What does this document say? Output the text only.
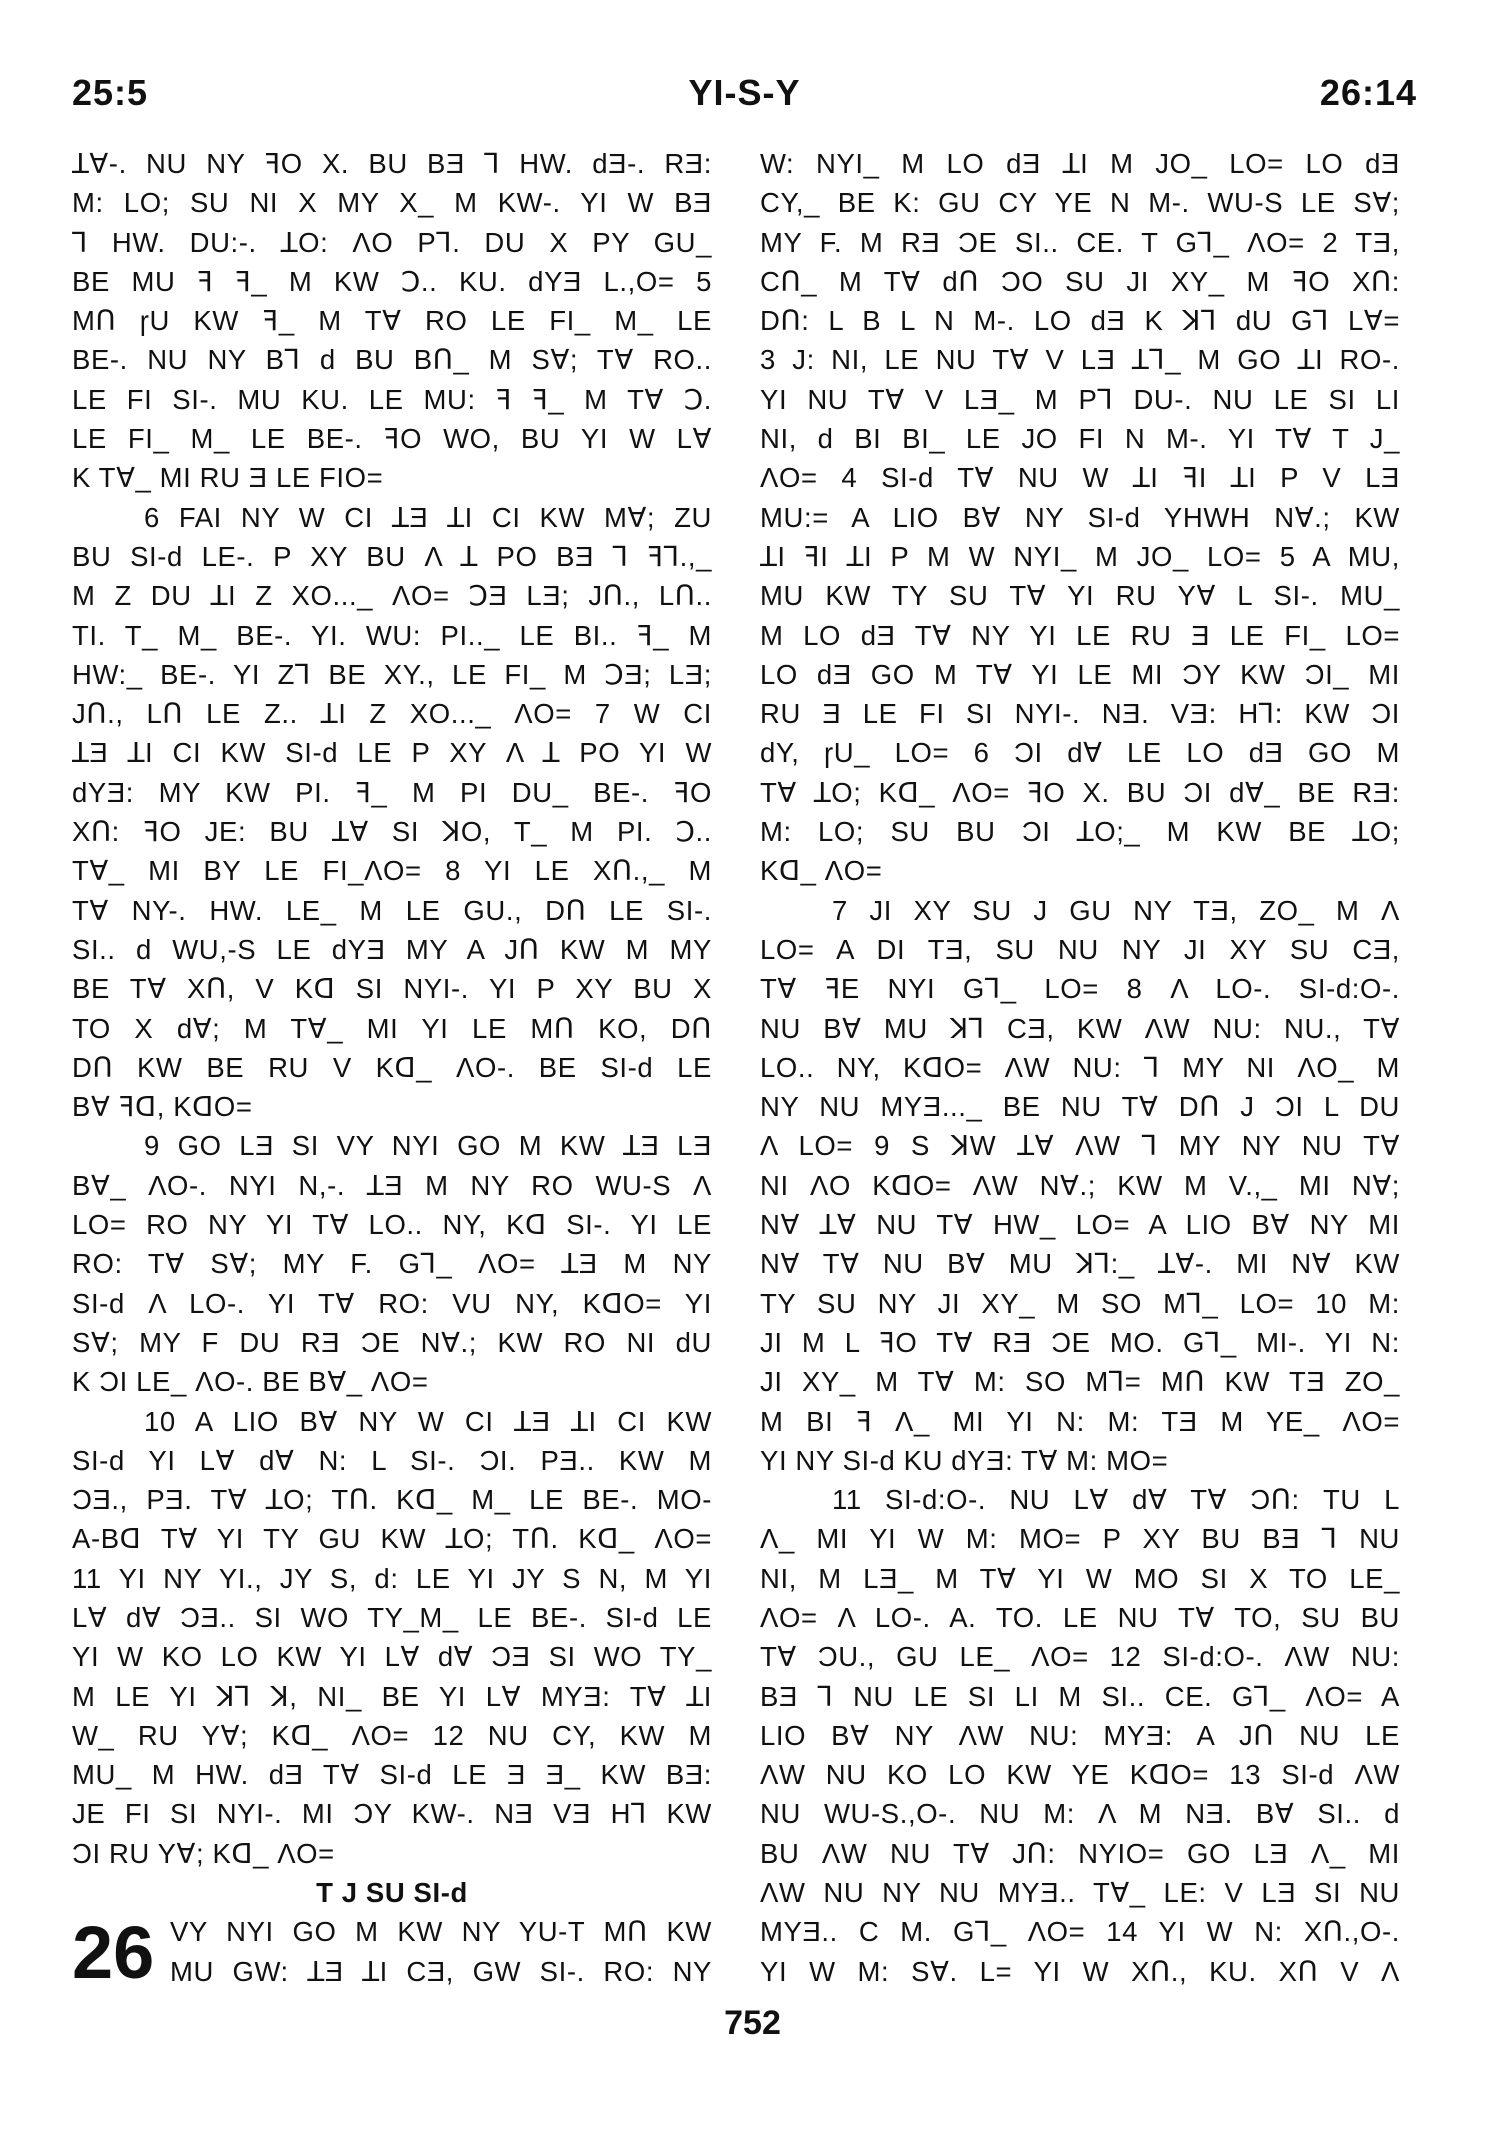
25:5	YI-S-Y	26:14
ꓕ∀-. NU NY ꟻO X. BU BƎ ꓶ HW. dƎ-. RƎ:
M: LO; SU NI X MY X_ M KW-. YI W BƎ
ꓶ HW. DU:-. ꓕO: ΛO Pꓶ. DU X PY GU_
BE MU ꟻ ꟻ_ M KW Ↄ.. KU. dYƎ L.,O= 5
MՈ ɼU KW ꟻ_ M T∀ RO LE FI_ M_ LE
BE-. NU NY Bꓶ d BU BՈ_ M S∀; T∀ RO..
LE FI SI-. MU KU. LE MU: ꟻ ꟻ_ M T∀ Ↄ.
LE FI_ M_ LE BE-. ꟻO WO, BU YI W L∀
K T∀_ MI RU Ǝ LE FIO=
6 FAI NY W CI ꓕƎ ꓕI CI KW M∀; ZU
BU SI-d LE-. P XY BU Λ ꓕ PO BƎ ꓶ ꟻꓶ.,_
M Z DU ꓕI Z XO..._ ΛO= ↃƎ LƎ; JՈ., LՈ..
TI. T_ M_ BE-. YI. WU: PI.._ LE BI.. ꟻ_ M
HW:_ BE-. YI Zꓶ BE XY., LE FI_ M ↃƎ; LƎ;
JՈ., LՈ LE Z.. ꓕI Z XO..._ ΛO= 7 W CI
ꓕƎ ꓕI CI KW SI-d LE P XY Λ ꓕ PO YI W
dYƎ: MY KW PI. ꟻ_ M PI DU_ BE-. ꟻO
XՈ: ꟻO JE: BU ꓕ∀ SI ꓘO, T_ M PI. Ↄ..
T∀_ MI BY LE FI_ΛO= 8 YI LE XՈ.,_ M
T∀ NY-. HW. LE_ M LE GU., DՈ LE SI-.
SI.. d WU,-S LE dYƎ MY A JՈ KW M MY
BE T∀ XՈ, V Kꓷ SI NYI-. YI P XY BU X
TO X d∀; M T∀_ MI YI LE MՈ KO, DՈ
DՈ KW BE RU V Kꓷ_ ΛO-. BE SI-d LE
B∀ ꟻꓷ, KꓷO=
9 GO LƎ SI VY NYI GO M KW ꓕƎ LƎ
B∀_ ΛO-. NYI N,-. ꓕƎ M NY RO WU-S Λ
LO= RO NY YI T∀ LO.. NY, Kꓷ SI-. YI LE
RO: T∀ S∀; MY F. Gꓶ_ ΛO= ꓕƎ M NY
SI-d Λ LO-. YI T∀ RO: VU NY, KꓷO= YI
S∀; MY F DU RƎ ƆE N∀.; KW RO NI dU
K ƆI LE_ ΛO-. BE B∀_ ΛO=
10 A LIO B∀ NY W CI ꓕƎ ꓕI CI KW
SI-d YI L∀ d∀ N: L SI-. ƆI. PƎ.. KW M
ƆƎ., PƎ. T∀ ꓕO; TՈ. Kꓷ_ M_ LE BE-. MO-
A-Bꓷ T∀ YI TY GU KW ꓕO; TՈ. Kꓷ_ ΛO=
11 YI NY YI., JY S, d: LE YI JY S N, M YI
L∀ d∀ ƆƎ.. SI WO TY_M_ LE BE-. SI-d LE
YI W KO LO KW YI L∀ d∀ ƆƎ SI WO TY_
M LE YI ꓘꓶ ꓘ, NI_ BE YI L∀ MYƎ: T∀ ꓕI
W_ RU Y∀; Kꓷ_ ΛO= 12 NU CY, KW M
MU_ M HW. dƎ T∀ SI-d LE Ǝ Ǝ_ KW BƎ:
JE FI SI NYI-. MI ƆY KW-. NƎ VƎ Hꓶ KW
ƆI RU Y∀; Kꓷ_ ΛO=
T J SU SI-d
26 VY NYI GO M KW NY YU-T MՈ KW
MU GW: ꓕƎ ꓕI CƎ, GW SI-. RO: NY
W: NYI_ M LO dƎ ꓕI M JO_ LO= LO dƎ
CY,_ BE K: GU CY YE N M-. WU-S LE S∀;
MY F. M RƎ ƆE SI.. CE. T Gꓶ_ ΛO= 2 TƎ,
CՈ_ M T∀ dՈ ƆO SU JI XY_ M ꟻO XՈ:
DՈ: L B L N M-. LO dƎ K ꓘꓶ dU Gꓶ L∀=
3 J: NI, LE NU T∀ V LƎ ꓕꓶ_ M GO ꓕI RO-.
YI NU T∀ V LƎ_ M Pꓶ DU-. NU LE SI LI
NI, d BI BI_ LE JO FI N M-. YI T∀ T J_
ΛO= 4 SI-d T∀ NU W ꓕI ꟻI ꓕI P V LƎ
MU:= A LIO B∀ NY SI-d YHWH N∀.; KW
ꓕI ꟻI ꓕI P M W NYI_ M JO_ LO= 5 A MU,
MU KW TY SU T∀ YI RU Y∀ L SI-. MU_
M LO dƎ T∀ NY YI LE RU Ǝ LE FI_ LO=
LO dƎ GO M T∀ YI LE MI ƆY KW ƆI_ MI
RU Ǝ LE FI SI NYI-. NƎ. VƎ: Hꓶ: KW ƆI
dY, ɼU_ LO= 6 ƆI d∀ LE LO dƎ GO M
T∀ ꓕO; Kꓷ_ ΛO= ꟻO X. BU ƆI d∀_ BE RƎ:
M: LO; SU BU ƆI ꓕO;_ M KW BE ꓕO;
Kꓷ_ ΛO=
7 JI XY SU J GU NY TƎ, ZO_ M Λ
LO= A DI TƎ, SU NU NY JI XY SU CƎ,
T∀ ꟻE NYI Gꓶ_ LO= 8 Λ LO-. SI-d:O-.
NU B∀ MU ꓘꓶ CƎ, KW ΛW NU: NU., T∀
LO.. NY, KꓷO= ΛW NU: ꓶ MY NI ΛO_ M
NY NU MYƎ..._ BE NU T∀ DՈ J ƆI L DU
Λ LO= 9 S ꓘW ꓕ∀ ΛW ꓶ MY NY NU T∀
NI ΛO KꓷO= ΛW N∀.; KW M V.,_ MI N∀;
N∀ ꓕ∀ NU T∀ HW_ LO= A LIO B∀ NY MI
N∀ T∀ NU B∀ MU ꓘꓶ:_ ꓕ∀-. MI N∀ KW
TY SU NY JI XY_ M SO Mꓶ_ LO= 10 M:
JI M L ꟻO T∀ RƎ ƆE MO. Gꓶ_ MI-. YI N:
JI XY_ M T∀ M: SO Mꓶ= MՈ KW TƎ ZO_
M BI ꟻ Λ_ MI YI N: M: TƎ M YE_ ΛO=
YI NY SI-d KU dYƎ: T∀ M: MO=
11 SI-d:O-. NU L∀ d∀ T∀ ƆՈ: TU L
Λ_ MI YI W M: MO= P XY BU BƎ ꓶ NU
NI, M LƎ_ M T∀ YI W MO SI X TO LE_
ΛO= Λ LO-. A. TO. LE NU T∀ TO, SU BU
T∀ ƆU., GU LE_ ΛO= 12 SI-d:O-. ΛW NU:
BƎ ꓶ NU LE SI LI M SI.. CE. Gꓶ_ ΛO= A
LIO B∀ NY ΛW NU: MYƎ: A JՈ NU LE
ΛW NU KO LO KW YE KꓷO= 13 SI-d ΛW
NU WU-S.,O-. NU M: Λ M NƎ. B∀ SI.. d
BU ΛW NU T∀ JՈ: NYIO= GO LƎ Λ_ MI
ΛW NU NY NU MYƎ.. T∀_ LE: V LƎ SI NU
MYƎ.. C M. Gꓶ_ ΛO= 14 YI W N: XՈ.,O-.
YI W M: S∀. L= YI W XՈ., KU. XՈ V Λ
752
